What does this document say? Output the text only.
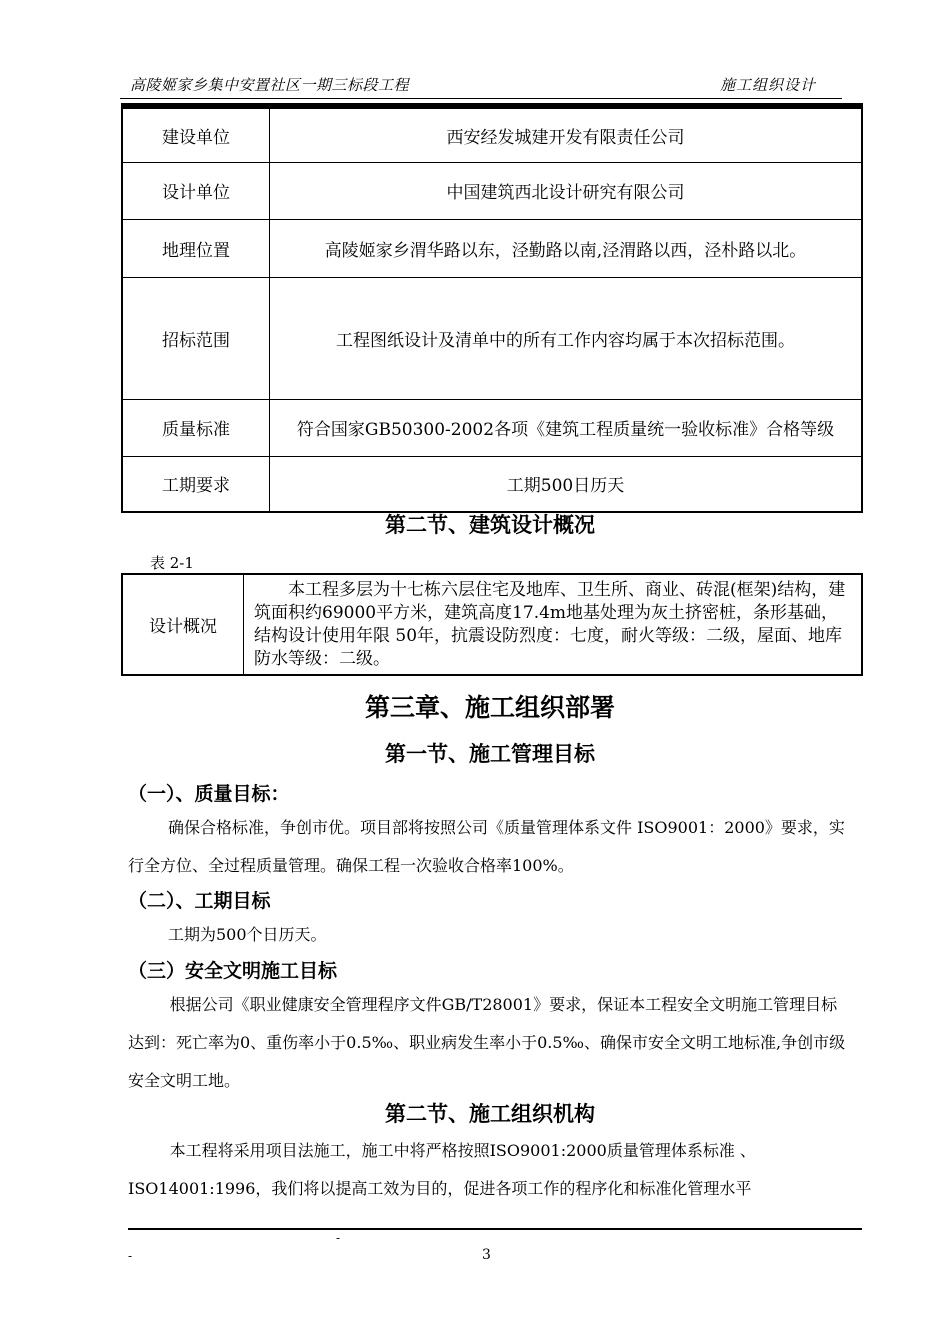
高陵姬家乡集中安置社区一期三标段工程	施工组织设计
建设单位	西安经发城建开发有限责任公司
设计单位	中国建筑西北设计研究有限公司
地理位置	高陵姬家乡渭华路以东，泾勤路以南,泾渭路以西，泾朴路以北。
招标范围	工程图纸设计及清单中的所有工作内容均属于本次招标范围。
质量标准	符合国家GB50300-2002各项《建筑工程质量统一验收标准》合格等级
工期要求	工期500日历天
第二节、建筑设计概况
表 2-1
设计概况	本工程多层为十七栋六层住宅及地库、卫生所、商业、砖混(框架)结构，建筑面积约69000平方米，建筑高度17.4m地基处理为灰土挤密桩，条形基础，结构设计使用年限 50年，抗震设防烈度：七度，耐火等级：二级，屋面、地库防水等级：二级。
第三章、施工组织部署
第一节、施工管理目标
（一）、质量目标：
确保合格标准，争创市优。项目部将按照公司《质量管理体系文件 ISO9001：2000》要求，实行全方位、全过程质量管理。确保工程一次验收合格率100%。
（二）、工期目标
工期为500个日历天。
（三）安全文明施工目标
根据公司《职业健康安全管理程序文件GB/T28001》要求，保证本工程安全文明施工管理目标达到：死亡率为0、重伤率小于0.5‰、职业病发生率小于0.5‰、确保市安全文明工地标准,争创市级安全文明工地。
第二节、施工组织机构
本工程将采用项目法施工，施工中将严格按照ISO9001:2000质量管理体系标准 、ISO14001:1996，我们将以提高工效为目的，促进各项工作的程序化和标准化管理水平
-
-
3
